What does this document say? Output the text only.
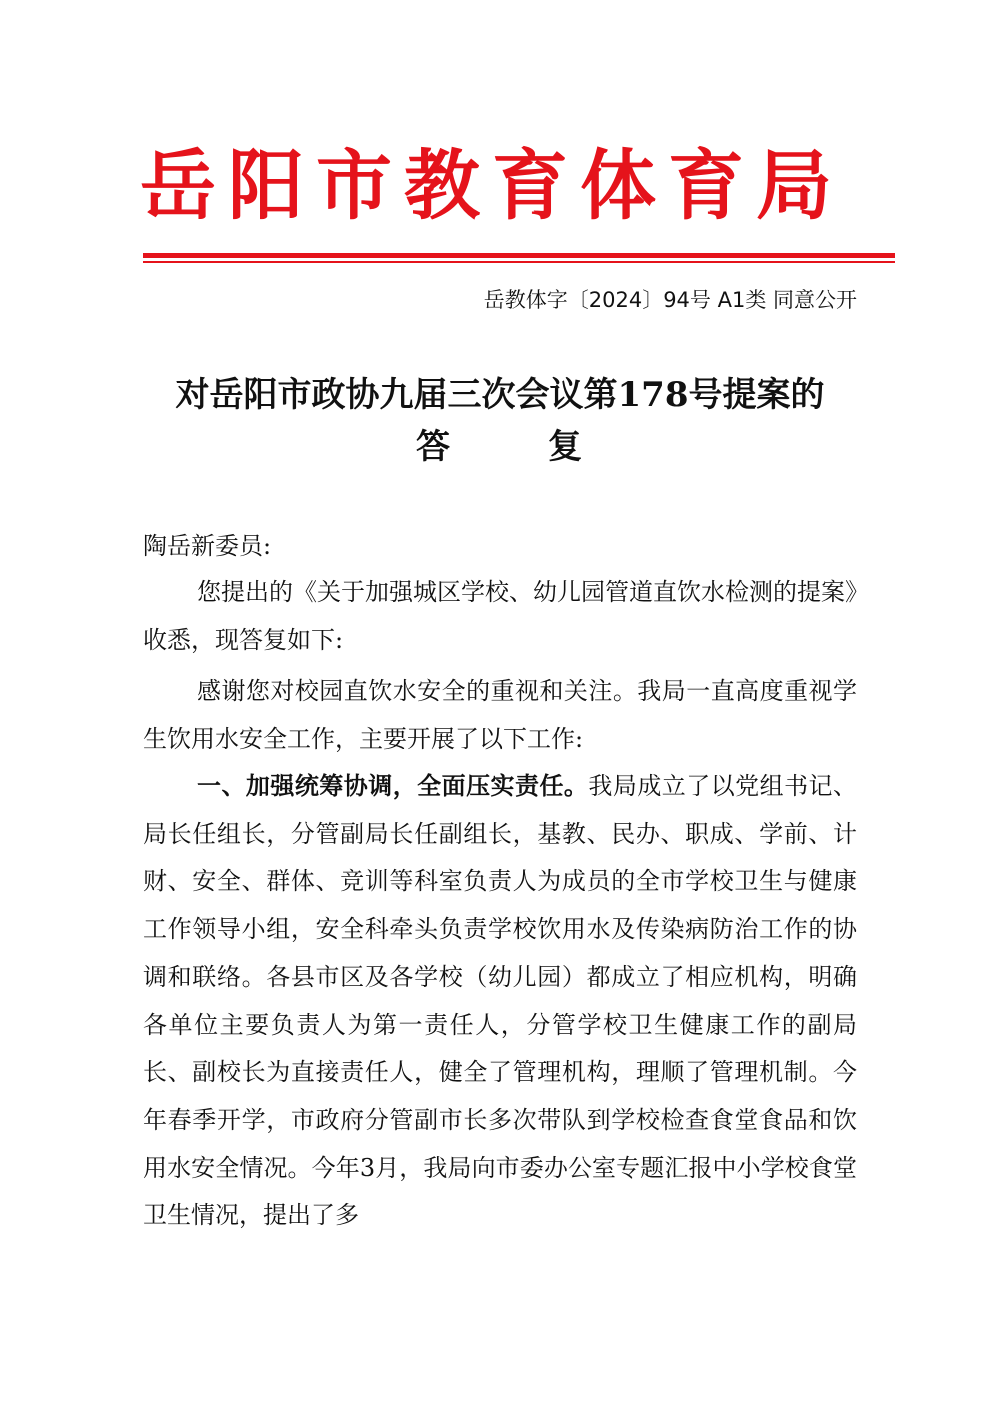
岳阳市教育体育局
岳教体字〔2024〕94号 A1类 同意公开
对岳阳市政协九届三次会议第178号提案的
答	复
陶岳新委员:

您提出的《关于加强城区学校、幼儿园管道直饮水检测的提案》收悉，现答复如下:

感谢您对校园直饮水安全的重视和关注。我局一直高度重视学生饮用水安全工作，主要开展了以下工作:

一、加强统筹协调，全面压实责任。我局成立了以党组书记、局长任组长，分管副局长任副组长，基教、民办、职成、学前、计财、安全、群体、竞训等科室负责人为成员的全市学校卫生与健康工作领导小组，安全科牵头负责学校饮用水及传染病防治工作的协调和联络。各县市区及各学校（幼儿园）都成立了相应机构，明确各单位主要负责人为第一责任人，分管学校卫生健康工作的副局长、副校长为直接责任人，健全了管理机构，理顺了管理机制。今年春季开学，市政府分管副市长多次带队到学校检查食堂食品和饮用水安全情况。今年3月，我局向市委办公室专题汇报中小学校食堂卫生情况，提出了多
